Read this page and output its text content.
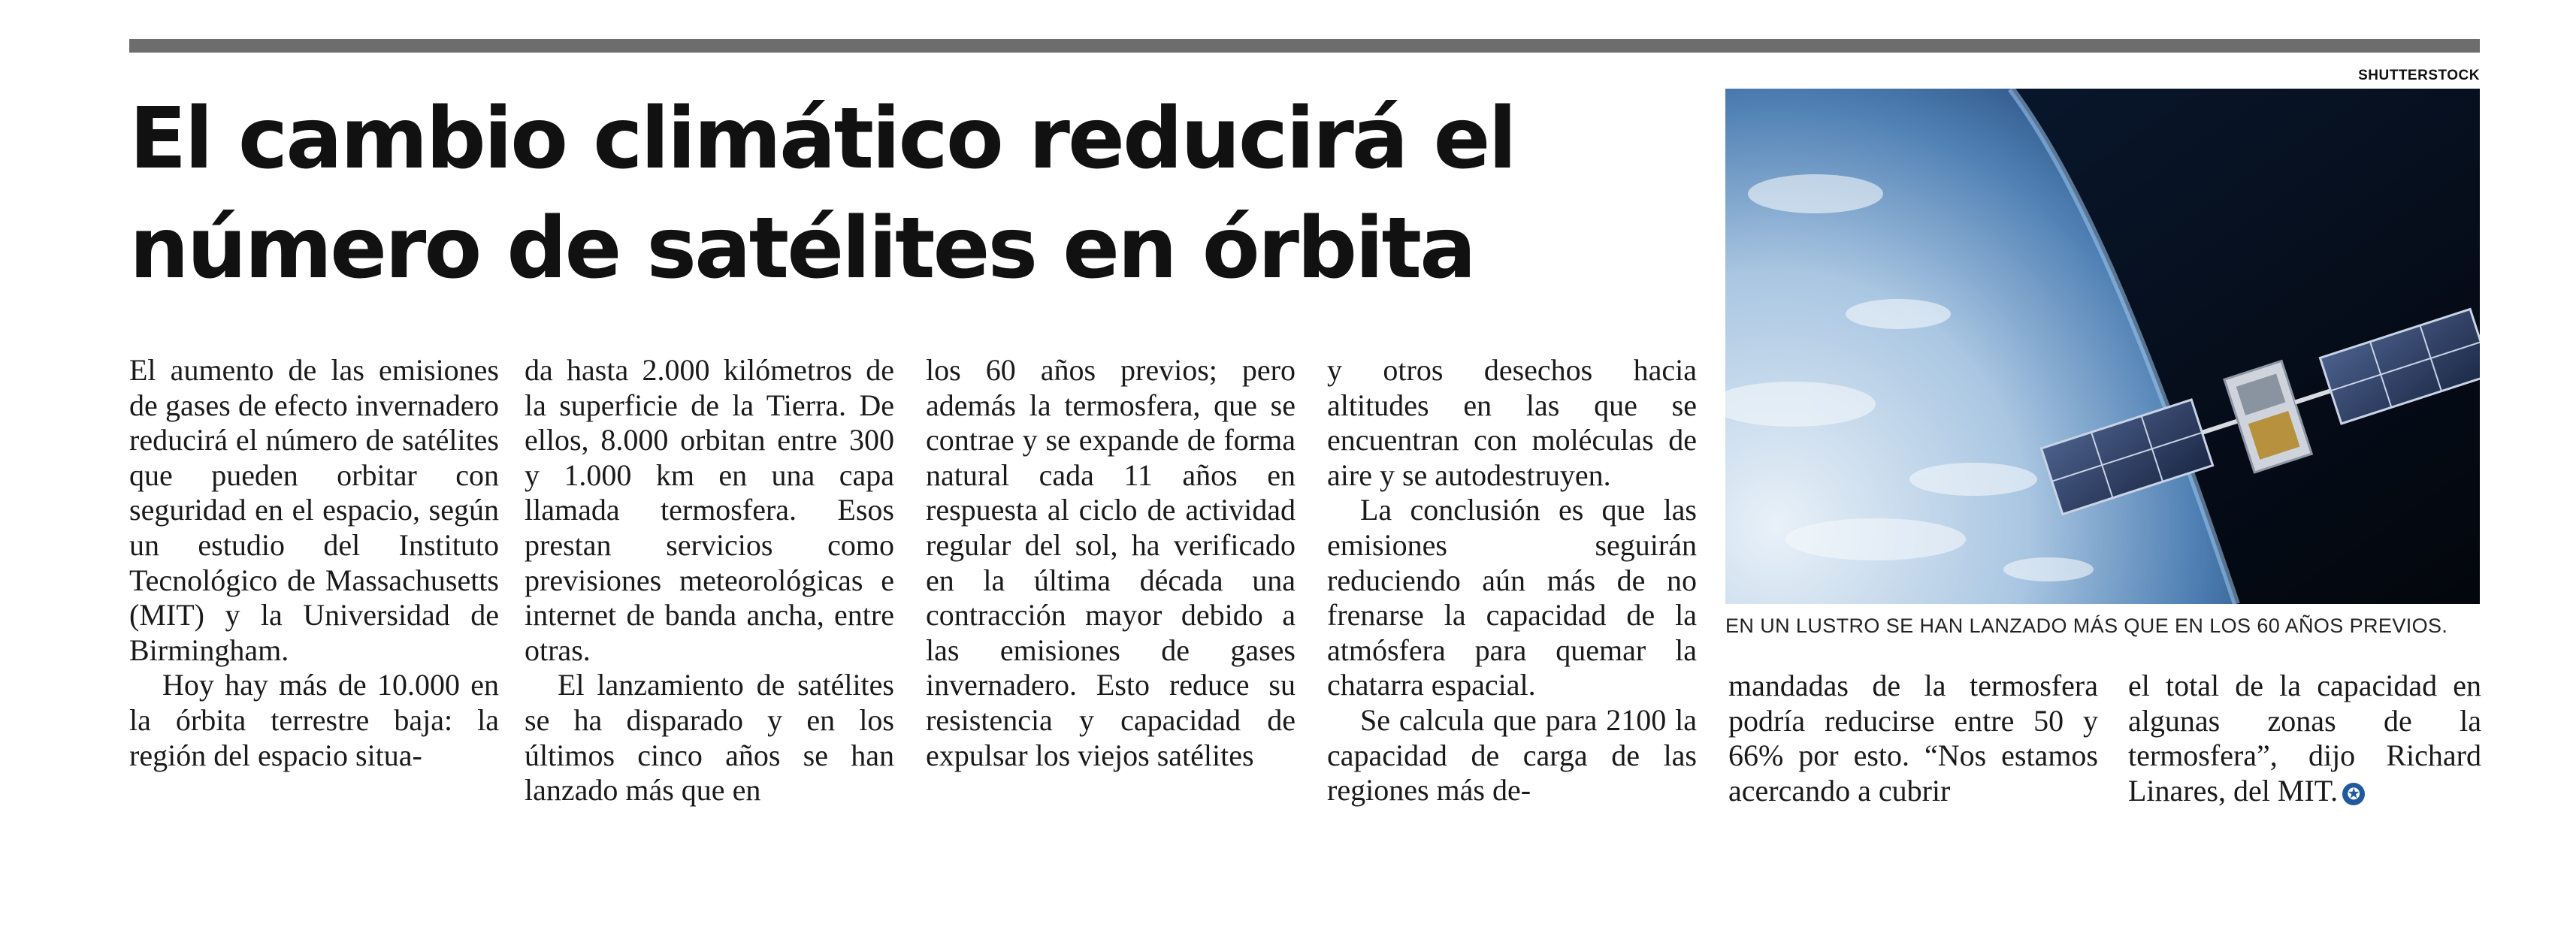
SHUTTERSTOCK
El cambio climático reducirá el
número de satélites en órbita

El aumento de las emisiones de gases de efecto invernadero reducirá el número de satélites que pueden orbitar con seguridad en el espacio, según un estudio del Instituto Tecnológico de Massachusetts (MIT) y la Universidad de Birmingham.

Hoy hay más de 10.000 en la órbita terrestre baja: la región del espacio situa-

da hasta 2.000 kilómetros de la superficie de la Tierra. De ellos, 8.000 orbitan entre 300 y 1.000 km en una capa llamada termosfera. Esos prestan servicios como previsiones meteorológicas e internet de banda ancha, entre otras.

El lanzamiento de satélites se ha disparado y en los últimos cinco años se han lanzado más que en

los 60 años previos; pero además la termosfera, que se contrae y se expande de forma natural cada 11 años en respuesta al ciclo de actividad regular del sol, ha verificado en la última década una contracción mayor debido a las emisiones de gases invernadero. Esto reduce su resistencia y capacidad de expulsar los viejos satélites

y otros desechos hacia altitudes en las que se encuentran con moléculas de aire y se autodestruyen.

La conclusión es que las emisiones seguirán reduciendo aún más de no frenarse la capacidad de la atmósfera para quemar la chatarra espacial.

Se calcula que para 2100 la capacidad de carga de las regiones más de-

mandadas de la termosfera podría reducirse entre 50 y 66% por esto. “Nos estamos acercando a cubrir

el total de la capacidad en algunas zonas de la termosfera”, dijo Richard Linares, del MIT. ✪

EN UN LUSTRO SE HAN LANZADO MÁS QUE EN LOS 60 AÑOS PREVIOS.
